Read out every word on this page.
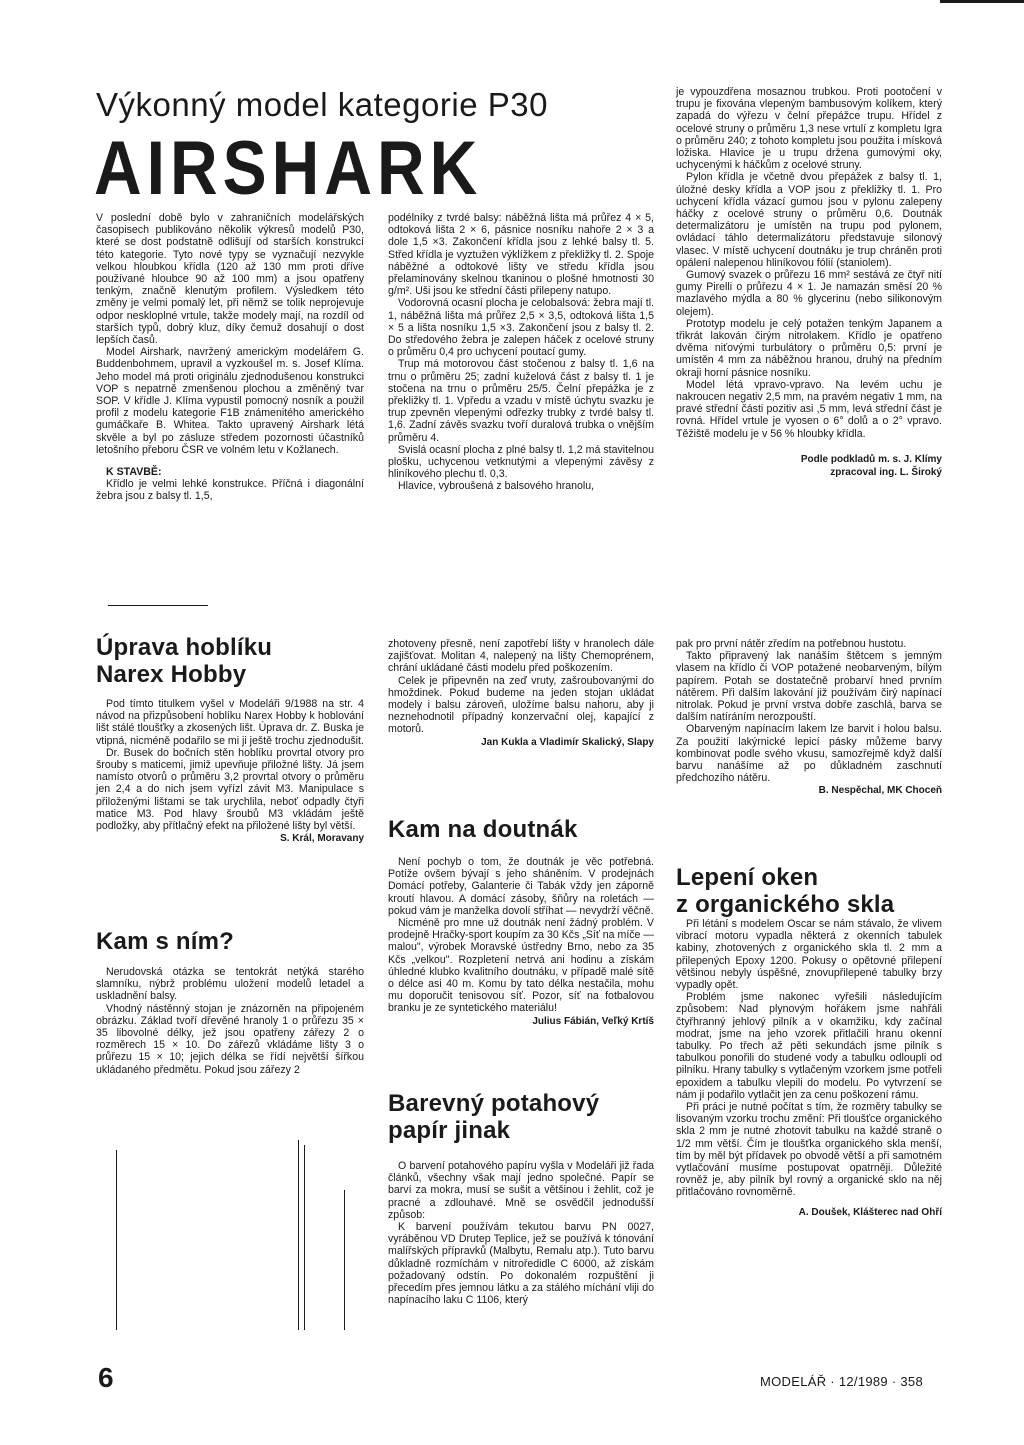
Výkonný model kategorie P30
AIRSHARK

V poslední době bylo v zahraničních modelářských časopisech publikováno několik výkresů modelů P30, které se dost podstatně odlišují od starších konstrukcí této kategorie. Tyto nové typy se vyznačují nezvykle velkou hloubkou křídla (120 až 130 mm proti dříve používané hloubce 90 až 100 mm) a jsou opatřeny tenkým, značně klenutým profilem. Výsledkem této změny je velmi pomalý let, při němž se tolik neprojevuje odpor neskloplné vrtule, takže modely mají, na rozdíl od starších typů, dobrý kluz, díky čemuž dosahují o dost lepších časů.

Model Airshark, navržený americkým modelářem G. Buddenbohmem, upravil a vyzkoušel m. s. Josef Klíma. Jeho model má proti originálu zjednodušenou konstrukci VOP s nepatrně zmenšenou plochou a změněný tvar SOP. V křídle J. Klíma vypustil pomocný nosník a použil profil z modelu kategorie F1B známenitého amerického gumáčkaře B. Whitea. Takto upravený Airshark létá skvěle a byl po zásluze středem pozornosti účastníků letošního přeboru ČSR ve volném letu v Kožlanech.

K STAVBĚ:

Křídlo je velmi lehké konstrukce. Příčná i diagonální žebra jsou z balsy tl. 1,5,

podélníky z tvrdé balsy: náběžná lišta má průřez 4 × 5, odtoková lišta 2 × 6, pásnice nosníku nahoře 2 × 3 a dole 1,5 ×3. Zakončení křídla jsou z lehké balsy tl. 5. Střed křídla je vyztužen výklížkem z překližky tl. 2. Spoje náběžné a odtokové lišty ve středu křídla jsou přelaminovány skelnou tkaninou o plošné hmotnosti 30 g/m². Uši jsou ke střední části přilepeny natupo.

Vodorovná ocasní plocha je celobalsová: žebra mají tl. 1, náběžná lišta má průřez 2,5 × 3,5, odtoková lišta 1,5 × 5 a lišta nosníku 1,5 ×3. Zakončení jsou z balsy tl. 2. Do středového žebra je zalepen háček z ocelové struny o průměru 0,4 pro uchycení poutací gumy.

Trup má motorovou část stočenou z balsy tl. 1,6 na trnu o průměru 25; zadní kuželová část z balsy tl. 1 je stočena na trnu o průměru 25/5. Čelní přepážka je z překližky tl. 1. Vpředu a vzadu v místě úchytu svazku je trup zpevněn vlepenými odřezky trubky z tvrdé balsy tl. 1,6. Zadní závěs svazku tvoří duralová trubka o vnějším průměru 4.

Svislá ocasní plocha z plné balsy tl. 1,2 má stavitelnou plošku, uchycenou vetknutými a vlepenými závěsy z hliníkového plechu tl. 0,3.

Hlavice, vybroušená z balsového hranolu,

je vypouzdřena mosaznou trubkou. Proti pootočení v trupu je fixována vlepeným bambusovým kolíkem, který zapadá do výřezu v čelní přepážce trupu. Hřídel z ocelové struny o průměru 1,3 nese vrtulí z kompletu Igra o průměru 240; z tohoto kompletu jsou použita i mísková ložiska. Hlavice je u trupu držena gumovými oky, uchycenými k háčkům z ocelové struny.

Pylon křídla je včetně dvou přepážek z balsy tl. 1, úložné desky křídla a VOP jsou z překližky tl. 1. Pro uchycení křídla vázací gumou jsou v pylonu zalepeny háčky z ocelové struny o průměru 0,6. Doutnák determalizátoru je umístěn na trupu pod pylonem, ovládací táhlo determalizátoru představuje silonový vlasec. V místě uchycení doutnáku je trup chráněn proti opálení nalepenou hliníkovou fólií (staniolem).

Gumový svazek o průřezu 16 mm² sestává ze čtyř nití gumy Pirelli o průřezu 4 × 1. Je namazán směsí 20 % mazlavého mýdla a 80 % glycerinu (nebo silikonovým olejem).

Prototyp modelu je celý potažen tenkým Japanem a třikrát lakován čirým nitrolakem. Křídlo je opatřeno dvěma niťovými turbulátory o průměru 0,5: první je umístěn 4 mm za náběžnou hranou, druhý na předním okraji horní pásnice nosníku.

Model létá vpravo-vpravo. Na levém uchu je nakroucen negativ 2,5 mm, na pravém negativ 1 mm, na pravé střední části pozitiv asi ,5 mm, levá střední část je rovná. Hřídel vrtule je vyosen o 6° dolů a o 2° vpravo. Těžiště modelu je v 56 % hloubky křídla.

Podle podkladů m. s. J. Klímy
zpracoval ing. L. Široký
Úprava hoblíku
Narex Hobby

Pod tímto titulkem vyšel v Modeláři 9/1988 na str. 4 návod na přizpůsobení hoblíku Narex Hobby k hoblování lišt stálé tloušťky a zkosených lišt. Úprava dr. Z. Buska je vtipná, nicméně podařilo se mi ji ještě trochu zjednodušit.

Dr. Busek do bočních stěn hoblíku provrtal otvory pro šrouby s maticemi, jimiž upevňuje přiložné lišty. Já jsem namísto otvorů o průměru 3,2 provrtal otvory o průměru jen 2,4 a do nich jsem vyřízl závit M3. Manipulace s přiloženými lištami se tak urychlila, neboť odpadly čtyři matice M3. Pod hlavy šroubů M3 vkládám ještě podložky, aby přítlačný efekt na přiložené lišty byl větší.

S. Král, Moravany
Kam s ním?

Nerudovská otázka se tentokrát netýká starého slamníku, nýbrž problému uložení modelů letadel a uskladnění balsy.

Vhodný nástěnný stojan je znázorněn na připojeném obrázku. Základ tvoří dřevěné hranoly 1 o průřezu 35 × 35 libovolné délky, jež jsou opatřeny zářezy 2 o rozměrech 15 × 10. Do zářezů vkládáme lišty 3 o průřezu 15 × 10; jejich délka se řídí největší šířkou ukládaného předmětu. Pokud jsou zářezy 2

zhotoveny přesně, není zapotřebí lišty v hranolech dále zajišťovat. Molitan 4, nalepený na lišty Chemoprénem, chrání ukládané části modelu před poškozením.

Celek je připevněn na zeď vruty, zašroubovanými do hmoždinek. Pokud budeme na jeden stojan ukládat modely i balsu zároveň, uložíme balsu nahoru, aby ji neznehodnotil případný konzervační olej, kapající z motorů.

Jan Kukla a Vladimír Skalický, Slapy
Kam na doutnák

Není pochyb o tom, že doutnák je věc potřebná. Potíže ovšem bývají s jeho sháněním. V prodejnách Domácí potřeby, Galanterie či Tabák vždy jen záporně kroutí hlavou. A domácí zásoby, šňůry na roletách — pokud vám je manželka dovolí stříhat — nevydrží věčně.

Nicméně pro mne už doutnák není žádný problém. V prodejně Hračky-sport koupím za 30 Kčs „Síť na míče — malou", výrobek Moravské ústředny Brno, nebo za 35 Kčs „velkou". Rozpletení netrvá ani hodinu a získám úhledné klubko kvalitního doutnáku, v případě malé sítě o délce asi 40 m. Komu by tato délka nestačila, mohu mu doporučit tenisovou síť. Pozor, síť na fotbalovou branku je ze syntetického materiálu!

Julius Fábián, Veľký Krtíš
Barevný potahový
papír jinak

O barvení potahového papíru vyšla v Modeláři již řada článků, všechny však mají jedno společné. Papír se barví za mokra, musí se sušit a většinou i žehlit, což je pracné a zdlouhavé. Mně se osvědčil jednodušší způsob:

K barvení používám tekutou barvu PN 0027, vyráběnou VD Drutep Teplice, jež se používá k tónování malířských přípravků (Malbytu, Remalu atp.). Tuto barvu důkladně rozmíchám v nitroředidle C 6000, až získám požadovaný odstín. Po dokonalém rozpuštění ji přecedím přes jemnou látku a za stálého míchání vliji do napínacího laku C 1106, který

pak pro první nátěr zředím na potřebnou hustotu.

Takto připravený lak nanáším štětcem s jemným vlasem na křídlo či VOP potažené neobarveným, bílým papírem. Potah se dostatečně probarví hned prvním nátěrem. Při dalším lakování již používám čirý napínací nitrolak. Pokud je první vrstva dobře zaschlá, barva se dalším natíráním nerozpouští.

Obarveným napínacím lakem lze barvit i holou balsu. Za použití lakýrnické lepicí pásky můžeme barvy kombinovat podle svého vkusu, samozřejmě když další barvu nanášíme až po důkladném zaschnutí předchozího nátěru.

B. Nespěchal, MK Choceň
Lepení oken
z organického skla

Při létání s modelem Oscar se nám stávalo, že vlivem vibrací motoru vypadla některá z okenních tabulek kabiny, zhotovených z organického skla tl. 2 mm a přilepených Epoxy 1200. Pokusy o opětovné přilepení většinou nebyly úspěšné, znovupřilepené tabulky brzy vypadly opět.

Problém jsme nakonec vyřešili následujícím způsobem: Nad plynovým hořákem jsme nahřáli čtyřhranný jehlový pilník a v okamžiku, kdy začínal modrat, jsme na jeho vzorek přitlačili hranu okenní tabulky. Po třech až pěti sekundách jsme pilník s tabulkou ponořili do studené vody a tabulku odloupli od pilníku. Hrany tabulky s vytlačeným vzorkem jsme potřeli epoxidem a tabulku vlepili do modelu. Po vytvrzení se nám ji podařilo vytlačit jen za cenu poškození rámu.

Při práci je nutné počítat s tím, že rozměry tabulky se lisovaným vzorku trochu změní: Při tloušťce organického skla 2 mm je nutné zhotovit tabulku na každé straně o 1/2 mm větší. Čím je tloušťka organického skla menší, tím by měl být přídavek po obvodě větší a při samotném vytlačování musíme postupovat opatrněji. Důležité rovněž je, aby pilník byl rovný a organické sklo na něj přitlačováno rovnoměrně.

A. Doušek, Klášterec nad Ohří
6	MODELÁŘ · 12/1989 · 358
